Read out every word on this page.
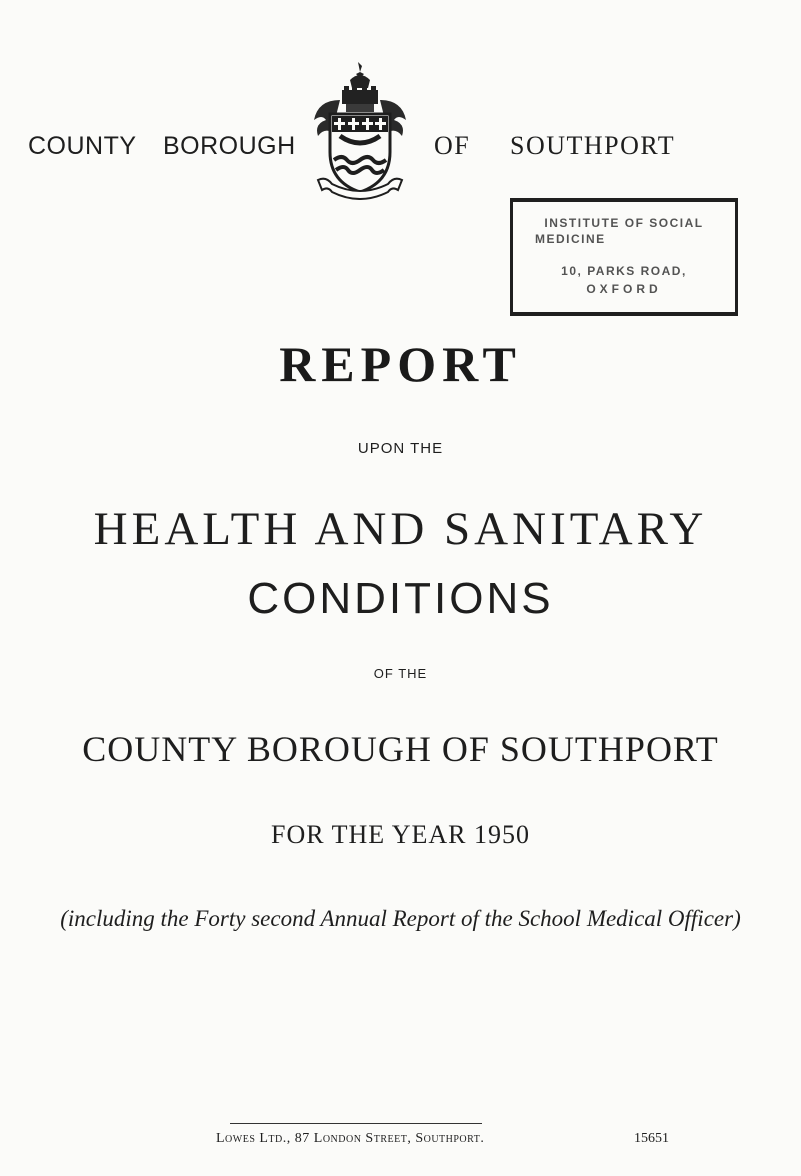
COUNTY BOROUGH	OF SOUTHPORT
INSTITUTE OF SOCIAL
MEDICINE
10, PARKS ROAD,
OXFORD
REPORT
UPON THE
HEALTH AND SANITARY
CONDITIONS
OF THE
COUNTY BOROUGH OF SOUTHPORT
FOR THE YEAR 1950
(including the Forty second Annual Report of the School Medical Officer)
Lowes Ltd., 87 London Street, Southport.	15651
